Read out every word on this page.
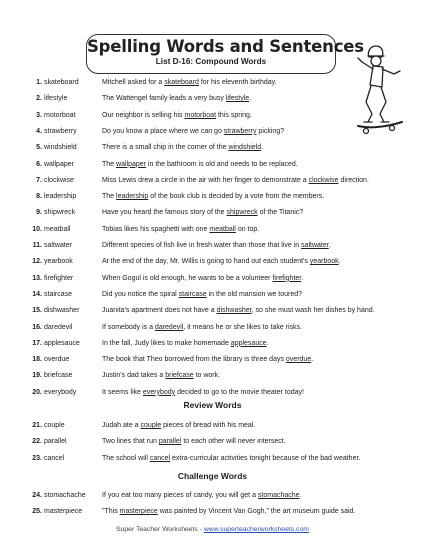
Spelling Words and Sentences
List D-16: Compound Words
1. skateboard	Mitchell asked for a skateboard for his eleventh birthday.
2. lifestyle	The Wattengel family leads a very busy lifestyle.
3. motorboat	Our neighbor is selling his motorboat this spring.
4. strawberry	Do you know a place where we can go strawberry picking?
5. windshield	There is a small chip in the corner of the windshield.
6. wallpaper	The wallpaper in the bathroom is old and needs to be replaced.
7. clockwise	Miss Lewis drew a circle in the air with her finger to demonstrate a clockwise direction.
8. leadership	The leadership of the book club is decided by a vote from the members.
9. shipwreck	Have you heard the famous story of the shipwreck of the Titanic?
10. meatball	Tobias likes his spaghetti with one meatball on top.
11. saltwater	Different species of fish live in fresh water than those that live in saltwater.
12. yearbook	At the end of the day, Mr. Willis is going to hand out each student's yearbook.
13. firefighter	When Gogul is old enough, he wants to be a volunteer firefighter.
14. staircase	Did you notice the spiral staircase in the old mansion we toured?
15. dishwasher	Juanita's apartment does not have a dishwasher, so she must wash her dishes by hand.
16. daredevil	If somebody is a daredevil, it means he or she likes to take risks.
17. applesauce	In the fall, Judy likes to make homemade applesauce.
18. overdue	The book that Theo borrowed from the library is three days overdue.
19. briefcase	Justin's dad takes a briefcase to work.
20. everybody	It seems like everybody decided to go to the movie theater today!
Review Words
21. couple	Judah ate a couple pieces of bread with his meal.
22. parallel	Two lines that run parallel to each other will never intersect.
23. cancel	The school will cancel extra-curricular activities tonight because of the bad weather.
Challenge Words
24. stomachache If you eat too many pieces of candy, you will get a stomachache.
25. masterpiece	"This masterpiece was painted by Vincent Van Gogh," the art museum guide said.
Super Teacher Worksheets - www.superteacherworksheets.com
